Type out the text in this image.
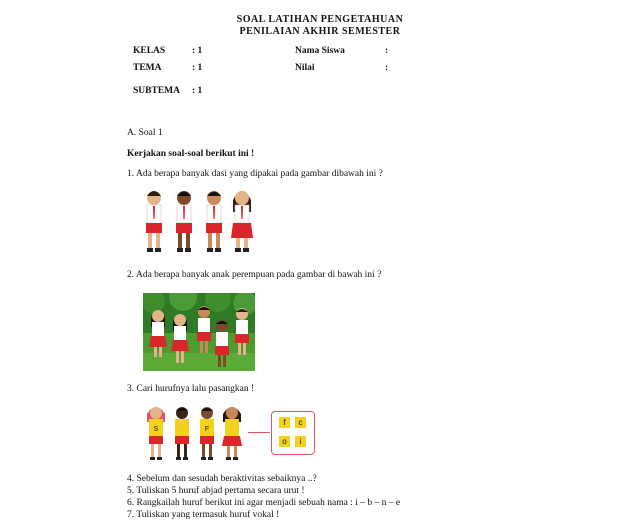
SOAL LATIHAN PENGETAHUAN
PENILAIAN AKHIR SEMESTER
KELAS	: 1
TEMA	: 1
SUBTEMA : 1
Nama Siswa	:
Nilai	:
A. Soal 1
Kerjakan soal-soal berikut ini !
1. Ada berapa banyak dasi yang dipakai pada gambar dibawah ini ?
2. Ada berapa banyak anak perempuan pada gambar di bawah ini ?
3. Cari hurufnya lalu pasangkan !
S	F
f	c
o	i
4. Sebelum dan sesudah beraktivitas sebaiknya ..?
5. Tuliskan 5 huruf abjad pertama secara urut !
6. Rangkailah huruf berikut ini agar menjadi sebuah nama : i – b – n – e
7. Tuliskan yang termasuk huruf vokal !
